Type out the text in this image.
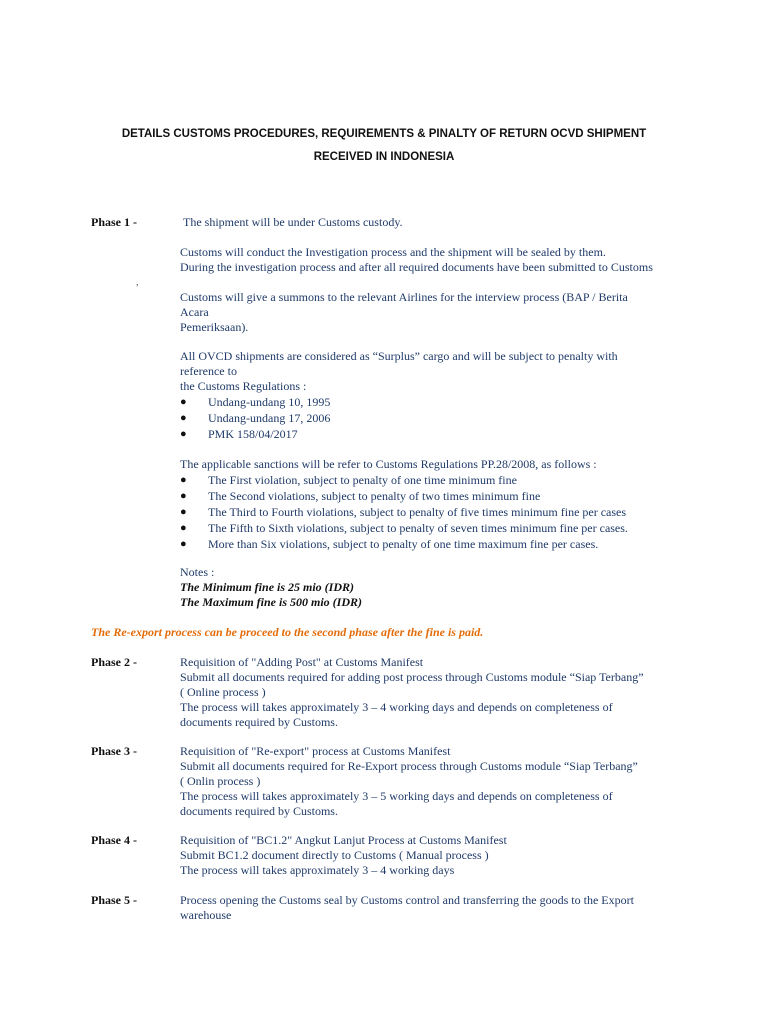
DETAILS CUSTOMS PROCEDURES, REQUIREMENTS & PINALTY OF RETURN OCVD SHIPMENT
RECEIVED IN INDONESIA
Phase 1 -	The shipment will be under Customs custody.
Customs will conduct the Investigation process and the shipment will be sealed by them.
During the investigation process and after all required documents have been submitted to Customs
,
Customs will give a summons to the relevant Airlines for the interview process (BAP / Berita
Acara
Pemeriksaan).
All OVCD shipments are considered as “Surplus” cargo and will be subject to penalty with
reference to
the Customs Regulations :
● Undang-undang 10, 1995
● Undang-undang 17, 2006
● PMK 158/04/2017
The applicable sanctions will be refer to Customs Regulations PP.28/2008, as follows :
● The First violation, subject to penalty of one time minimum fine
● The Second violations, subject to penalty of two times minimum fine
● The Third to Fourth violations, subject to penalty of five times minimum fine per cases
● The Fifth to Sixth violations, subject to penalty of seven times minimum fine per cases.
● More than Six violations, subject to penalty of one time maximum fine per cases.
Notes :
The Minimum fine is 25 mio (IDR)
The Maximum fine is 500 mio (IDR)
The Re-export process can be proceed to the second phase after the fine is paid.
Phase 2 -	Requisition of "Adding Post" at Customs Manifest
Submit all documents required for adding post process through Customs module “Siap Terbang”
( Online process )
The process will takes approximately 3 – 4 working days and depends on completeness of
documents required by Customs.
Phase 3 -	Requisition of "Re-export" process at Customs Manifest
Submit all documents required for Re-Export process through Customs module “Siap Terbang”
( Onlin process )
The process will takes approximately 3 – 5 working days and depends on completeness of
documents required by Customs.
Phase 4 -	Requisition of "BC1.2" Angkut Lanjut Process at Customs Manifest
Submit BC1.2 document directly to Customs ( Manual process )
The process will takes approximately 3 – 4 working days
Phase 5 -	Process opening the Customs seal by Customs control and transferring the goods to the Export
warehouse
